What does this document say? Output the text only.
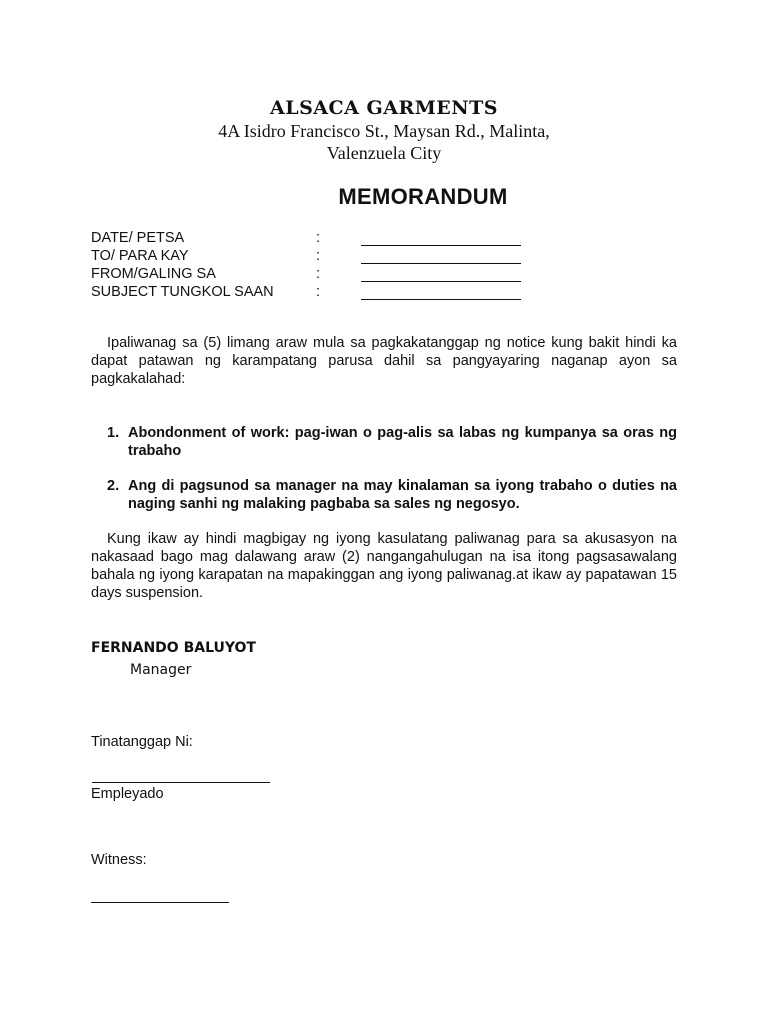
ALSACA GARMENTS
4A Isidro Francisco St., Maysan Rd., Malinta,
Valenzuela City
MEMORANDUM
DATE/ PETSA	:
TO/ PARA KAY	:
FROM/GALING SA	:
SUBJECT TUNGKOL SAAN	:
Ipaliwanag sa (5) limang araw mula sa pagkakatanggap ng notice kung bakit hindi ka dapat patawan ng karampatang parusa dahil sa pangyayaring naganap ayon sa pagkakalahad:
1. Abondonment of work: pag-iwan o pag-alis sa labas ng kumpanya sa oras ng trabaho
2. Ang di pagsunod sa manager na may kinalaman sa iyong trabaho o duties na naging sanhi ng malaking pagbaba sa sales ng negosyo.
Kung ikaw ay hindi magbigay ng iyong kasulatang paliwanag para sa akusasyon na nakasaad bago mag dalawang araw (2) nangangahulugan na isa itong pagsasawalang bahala ng iyong karapatan na mapakinggan ang iyong paliwanag.at ikaw ay papatawan 15 days suspension.
FERNANDO BALUYOT
Manager
Tinatanggap Ni:
Empleyado
Witness:
